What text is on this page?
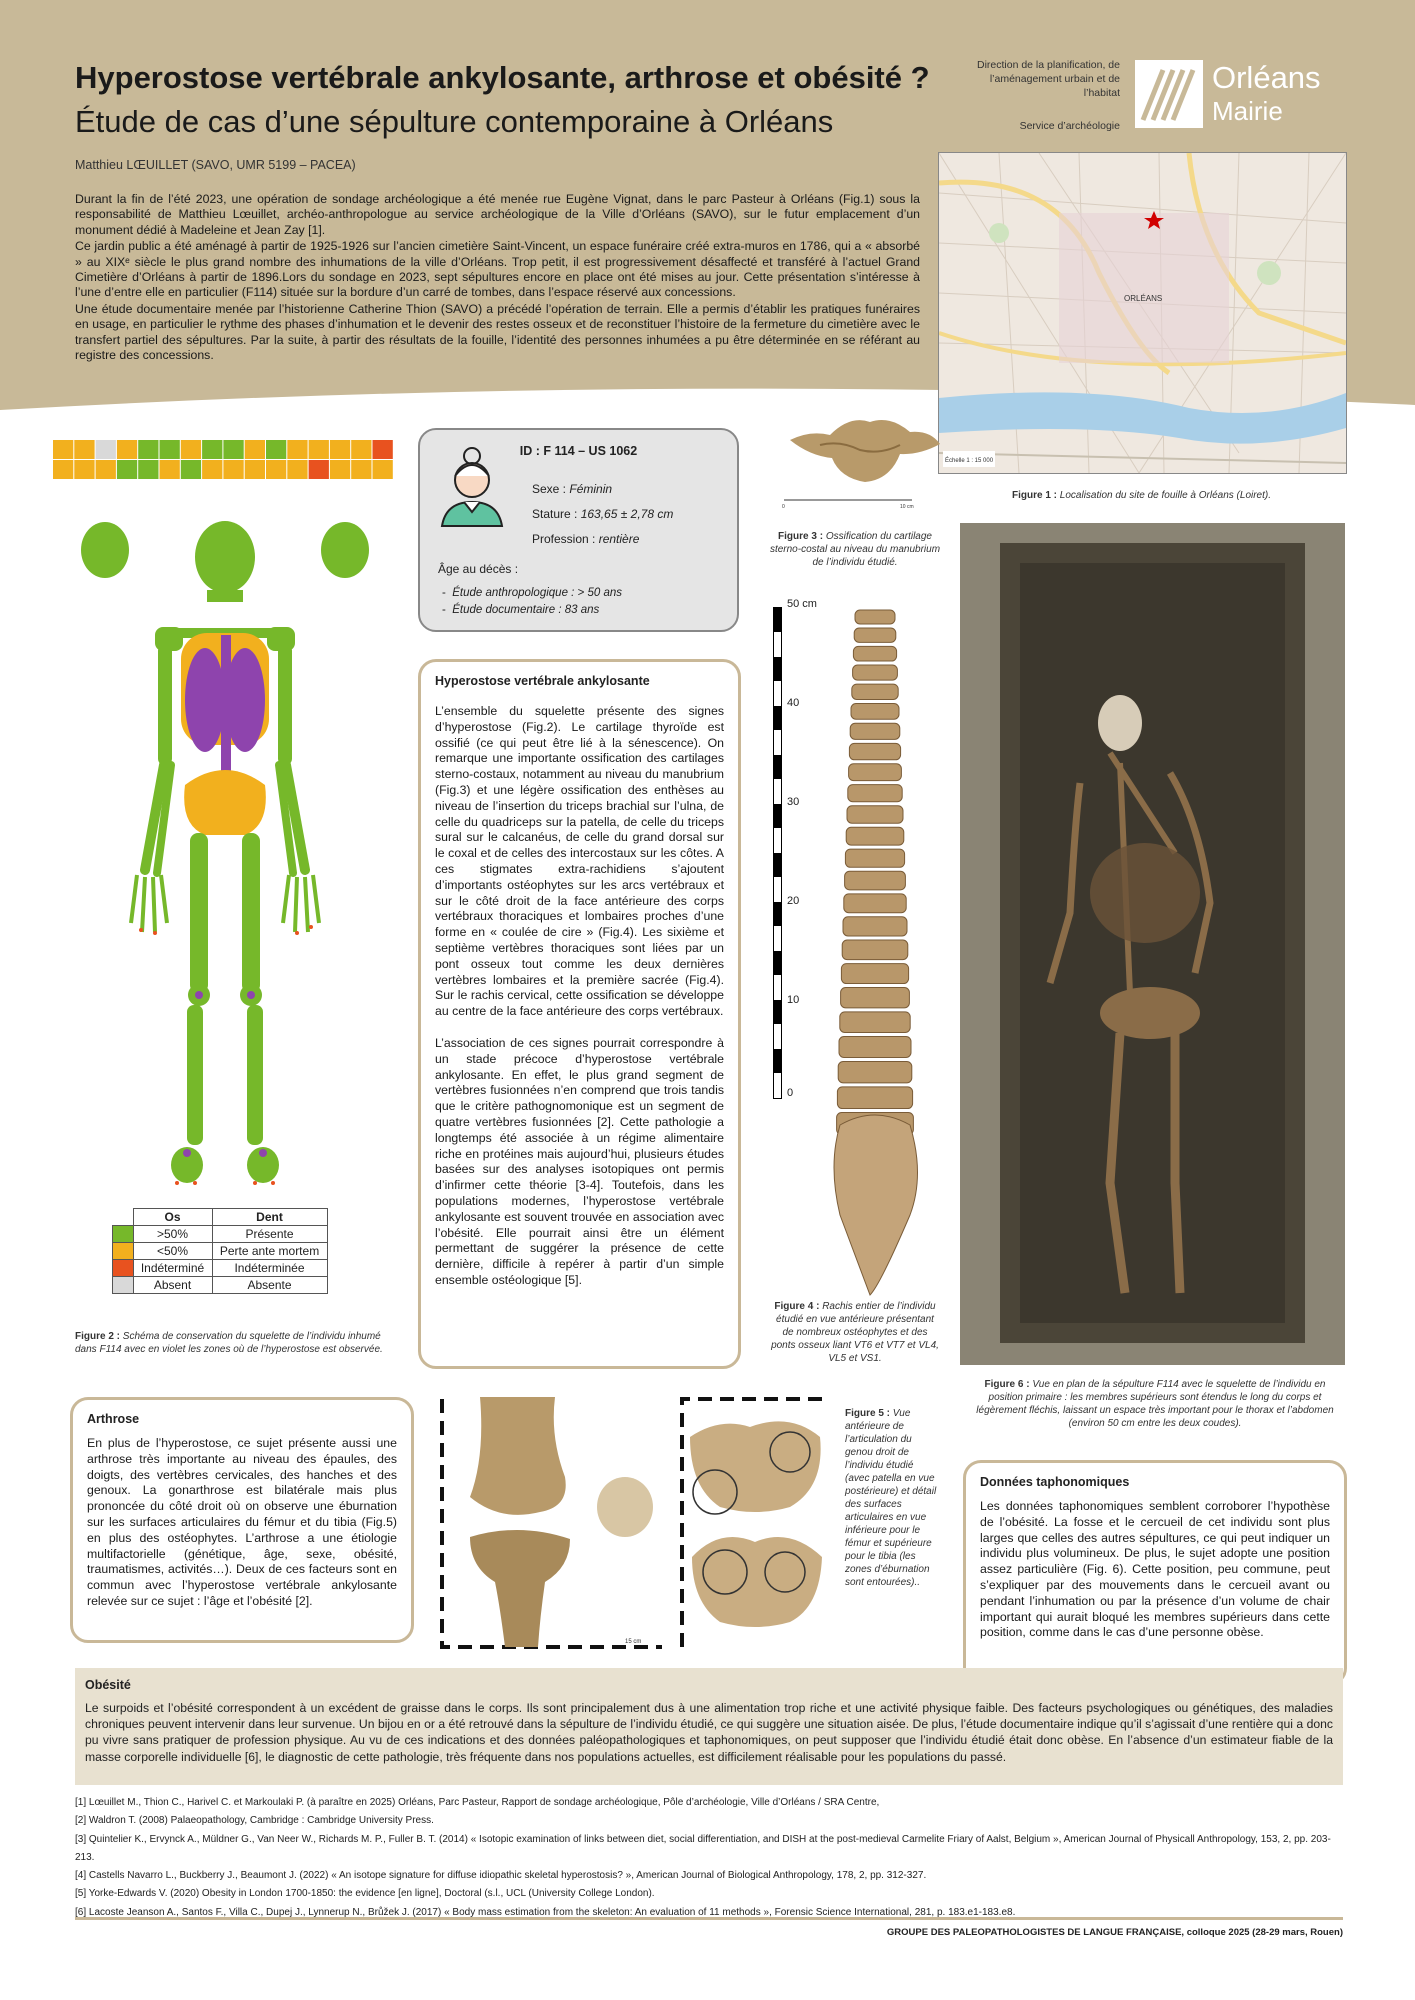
Hyperostose vertébrale ankylosante, arthrose et obésité ?
Étude de cas d’une sépulture contemporaine à Orléans
Matthieu LŒUILLET (SAVO, UMR 5199 – PACEA)
Direction de la planification, de
l’aménagement urbain et de
l’habitat
Service d’archéologie
Orléans
Mairie

Durant la fin de l’été 2023, une opération de sondage archéologique a été menée rue Eugène Vignat, dans le parc Pasteur à Orléans (Fig.1) sous la responsabilité de Matthieu Lœuillet, archéo-anthropologue au service archéologique de la Ville d’Orléans (SAVO), sur le futur emplacement d’un monument dédié à Madeleine et Jean Zay [1].

Ce jardin public a été aménagé à partir de 1925-1926 sur l’ancien cimetière Saint-Vincent, un espace funéraire créé extra-muros en 1786, qui a « absorbé » au XIXᵉ siècle le plus grand nombre des inhumations de la ville d’Orléans. Trop petit, il est progressivement désaffecté et transféré à l’actuel Grand Cimetière d’Orléans à partir de 1896.Lors du sondage en 2023, sept sépultures encore en place ont été mises au jour. Cette présentation s’intéresse à l’une d’entre elle en particulier (F114) située sur la bordure d’un carré de tombes, dans l’espace réservé aux concessions.

Une étude documentaire menée par l’historienne Catherine Thion (SAVO) a précédé l’opération de terrain. Elle a permis d’établir les pratiques funéraires en usage, en particulier le rythme des phases d’inhumation et le devenir des restes osseux et de reconstituer l’histoire de la fermeture du cimetière avec le transfert partiel des sépultures. Par la suite, à partir des résultats de la fouille, l’identité des personnes inhumées a pu être déterminée en se référant au registre des concessions.

ORLÉANS
Échelle 1 : 15 000
Figure 1 : Localisation du site de fouille à Orléans (Loiret).
	Os	Dent
	>50%	Présente
	<50%	Perte ante mortem
	Indéterminé	Indéterminée
	Absent	Absente
Figure 2 : Schéma de conservation du squelette de l’individu inhumé dans F114 avec en violet les zones où de l’hyperostose est observée.
ID : F 114 – US 1062
Sexe : Féminin
Stature : 163,65 ± 2,78 cm
Profession : rentière
Âge au décès :
-  Étude anthropologique : > 50 ans
-  Étude documentaire : 83 ans
Hyperostose vertébrale ankylosante
L’ensemble du squelette présente des signes d’hyperostose (Fig.2). Le cartilage thyroïde est ossifié (ce qui peut être lié à la sénescence). On remarque une importante ossification des cartilages sterno-costaux, notamment au niveau du manubrium (Fig.3) et une légère ossification des enthèses au niveau de l’insertion du triceps brachial sur l’ulna, de celle du quadriceps sur la patella, de celle du triceps sural sur le calcanéus, de celle du grand dorsal sur le coxal et de celles des intercostaux sur les côtes. A ces stigmates extra-rachidiens s’ajoutent d’importants ostéophytes sur les arcs vertébraux et sur le côté droit de la face antérieure des corps vertébraux thoraciques et lombaires proches d’une forme en « coulée de cire » (Fig.4). Les sixième et septième vertèbres thoraciques sont liées par un pont osseux tout comme les deux dernières vertèbres lombaires et la première sacrée (Fig.4). Sur le rachis cervical, cette ossification se développe au centre de la face antérieure des corps vertébraux.
L’association de ces signes pourrait correspondre à un stade précoce d’hyperostose vertébrale ankylosante. En effet, le plus grand segment de vertèbres fusionnées n’en comprend que trois tandis que le critère pathognomonique est un segment de quatre vertèbres fusionnées [2]. Cette pathologie a longtemps été associée à un régime alimentaire riche en protéines mais aujourd’hui, plusieurs études basées sur des analyses isotopiques ont permis d’infirmer cette théorie [3-4]. Toutefois, dans les populations modernes, l’hyperostose vertébrale ankylosante est souvent trouvée en association avec l’obésité. Elle pourrait ainsi être un élément permettant de suggérer la présence de cette dernière, difficile à repérer à partir d’un simple ensemble ostéologique [5].
0	10 cm
Figure 3 : Ossification du cartilage sterno-costal au niveau du manubrium de l’individu étudié.
50 cm
40
30
20
10
0
Figure 4 : Rachis entier de l’individu étudié en vue antérieure présentant de nombreux ostéophytes et des ponts osseux liant VT6 et VT7 et VL4, VL5 et VS1.
Figure 6 : Vue en plan de la sépulture F114 avec le squelette de l’individu en position primaire : les membres supérieurs sont étendus le long du corps et légèrement fléchis, laissant un espace très important pour le thorax et l’abdomen (environ 50 cm entre les deux coudes).
Arthrose
En plus de l’hyperostose, ce sujet présente aussi une arthrose très importante au niveau des épaules, des doigts, des vertèbres cervicales, des hanches et des genoux. La gonarthrose est bilatérale mais plus prononcée du côté droit où on observe une éburnation sur les surfaces articulaires du fémur et du tibia (Fig.5) en plus des ostéophytes. L’arthrose a une étiologie multifactorielle (génétique, âge, sexe, obésité, traumatismes, activités…). Deux de ces facteurs sont en commun avec l’hyperostose vertébrale ankylosante relevée sur ce sujet : l’âge et l’obésité [2].
15 cm
Figure 5 : Vue antérieure de l’articulation du genou droit de l’individu étudié (avec patella en vue postérieure) et détail des surfaces articulaires en vue inférieure pour le fémur et supérieure pour le tibia (les zones d’éburnation sont entourées)..
Données taphonomiques
Les données taphonomiques semblent corroborer l’hypothèse de l’obésité. La fosse et le cercueil de cet individu sont plus larges que celles des autres sépultures, ce qui peut indiquer un individu plus volumineux. De plus, le sujet adopte une position assez particulière (Fig. 6). Cette position, peu commune, peut s’expliquer par des mouvements dans le cercueil avant ou pendant l’inhumation ou par la présence d’un volume de chair important qui aurait bloqué les membres supérieurs dans cette position, comme dans le cas d’une personne obèse.
Obésité
Le surpoids et l’obésité correspondent à un excédent de graisse dans le corps. Ils sont principalement dus à une alimentation trop riche et une activité physique faible. Des facteurs psychologiques ou génétiques, des maladies chroniques peuvent intervenir dans leur survenue. Un bijou en or a été retrouvé dans la sépulture de l’individu étudié, ce qui suggère une situation aisée. De plus, l’étude documentaire indique qu’il s’agissait d’une rentière qui a donc pu vivre sans pratiquer de profession physique. Au vu de ces indications et des données paléopathologiques et taphonomiques, on peut supposer que l’individu étudié était donc obèse. En l’absence d’un estimateur fiable de la masse corporelle individuelle [6], le diagnostic de cette pathologie, très fréquente dans nos populations actuelles, est difficilement réalisable pour les populations du passé.
[1] Lœuillet M., Thion C., Harivel C. et Markoulaki P. (à paraître en 2025) Orléans, Parc Pasteur, Rapport de sondage archéologique, Pôle d’archéologie, Ville d’Orléans / SRA Centre,
[2] Waldron T. (2008) Palaeopathology, Cambridge : Cambridge University Press.
[3] Quintelier K., Ervynck A., Müldner G., Van Neer W., Richards M. P., Fuller B. T. (2014) « Isotopic examination of links between diet, social differentiation, and DISH at the post-medieval Carmelite Friary of Aalst, Belgium », American Journal of Physicall Anthropology, 153, 2, pp. 203-213.
[4] Castells Navarro L., Buckberry J., Beaumont J. (2022) « An isotope signature for diffuse idiopathic skeletal hyperostosis? », American Journal of Biological Anthropology, 178, 2, pp. 312-327.
[5] Yorke-Edwards V. (2020) Obesity in London 1700-1850: the evidence [en ligne], Doctoral (s.l., UCL (University College London).
[6] Lacoste Jeanson A., Santos F., Villa C., Dupej J., Lynnerup N., Brůžek J. (2017) « Body mass estimation from the skeleton: An evaluation of 11 methods », Forensic Science International, 281, p. 183.e1-183.e8.
GROUPE DES PALEOPATHOLOGISTES DE LANGUE FRANÇAISE, colloque 2025 (28-29 mars, Rouen)
